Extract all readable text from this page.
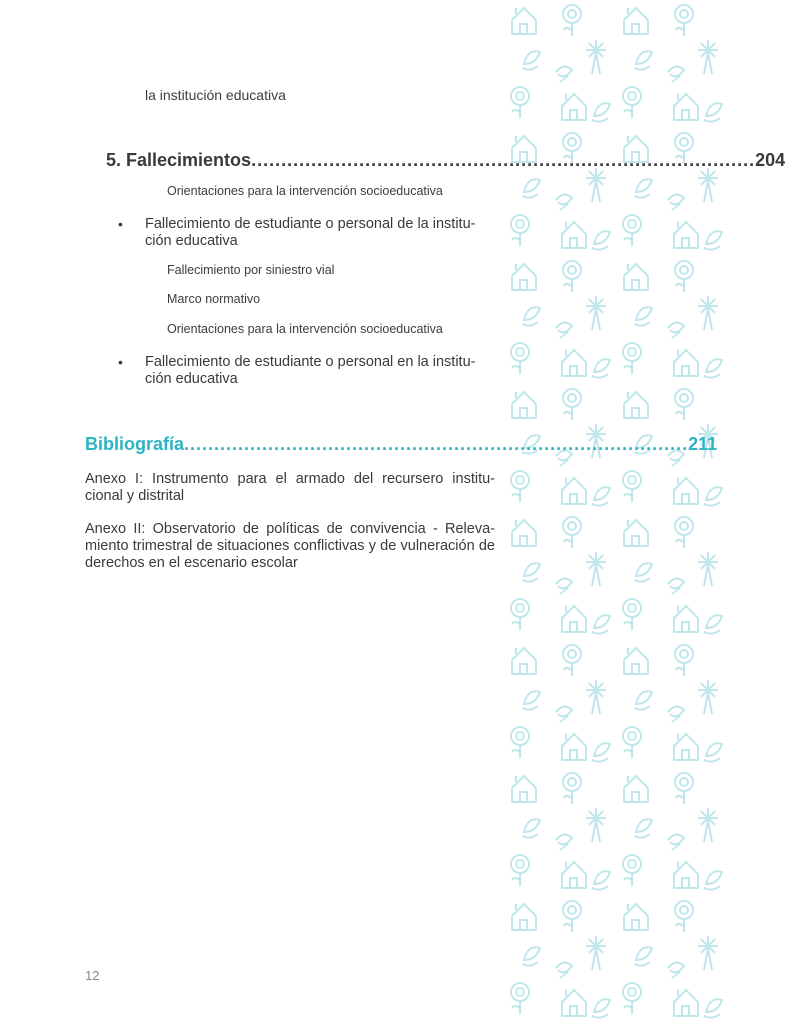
la institución educativa
5. Fallecimientos .................................................................................... 204
Orientaciones para la intervención socioeducativa
• Fallecimiento de estudiante o personal de la institu- ción educativa
Fallecimiento por siniestro vial
Marco normativo
Orientaciones para la intervención socioeducativa
• Fallecimiento de estudiante o personal en la institu- ción educativa
Bibliografía .................................................................................... 211
Anexo I: Instrumento para el armado del recursero institu- cional y distrital
Anexo II: Observatorio de políticas de convivencia - Releva- miento trimestral de situaciones conflictivas y de vulneración de derechos en el escenario escolar
12
